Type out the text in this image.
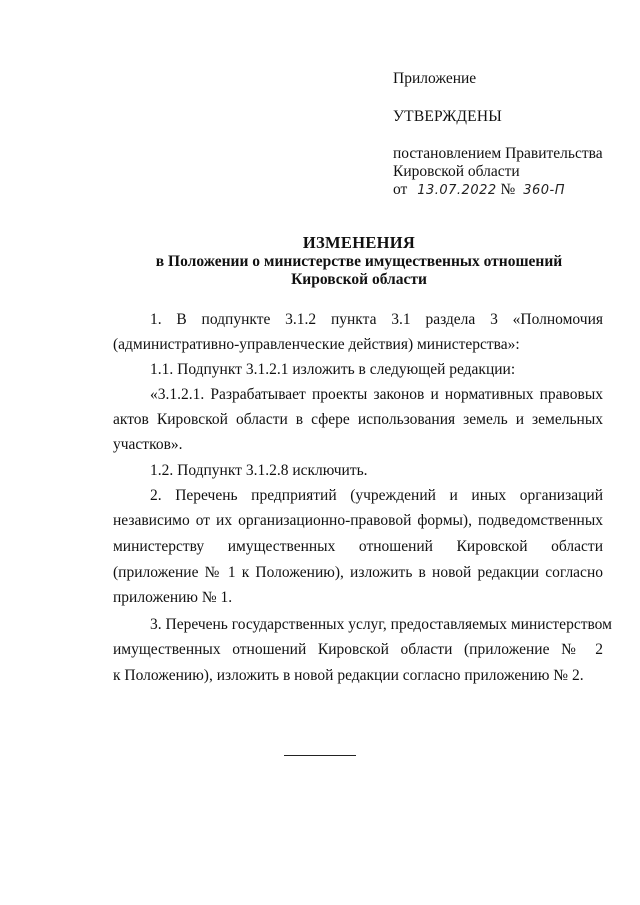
Приложение
УТВЕРЖДЕНЫ
постановлением Правительства
Кировской области
от 13.07.2022 № 360-П
ИЗМЕНЕНИЯ
в Положении о министерстве имущественных отношений
Кировской области
1. В подпункте 3.1.2 пункта 3.1 раздела 3 «Полномочия
(административно-управленческие действия) министерства»:
1.1. Подпункт 3.1.2.1 изложить в следующей редакции:
«3.1.2.1. Разрабатывает проекты законов и нормативных правовых
актов Кировской области в сфере использования земель и земельных
участков».
1.2. Подпункт 3.1.2.8 исключить.
2. Перечень предприятий (учреждений и иных организаций
независимо от их организационно-правовой формы), подведомственных
министерству имущественных отношений Кировской области
(приложение № 1 к Положению), изложить в новой редакции согласно
приложению № 1.
3. Перечень государственных услуг, предоставляемых министерством
имущественных отношений Кировской области (приложение № 2
к Положению), изложить в новой редакции согласно приложению № 2.
